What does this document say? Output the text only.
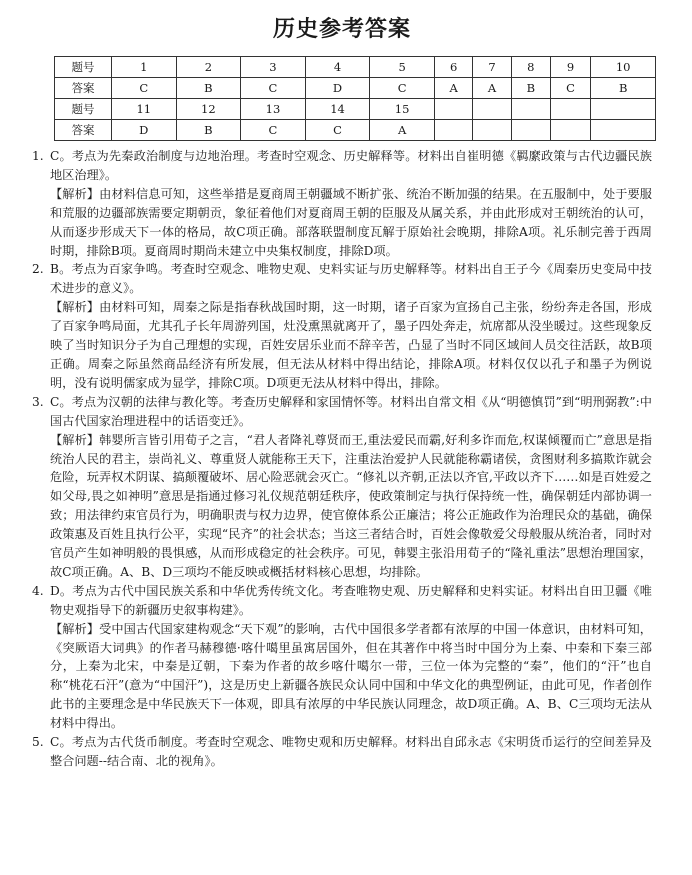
历史参考答案
题号	1	2	3	4	5	6	7	8	9	10
答案	C	B	C	D	C	A	A	B	C	B
题号	11	12	13	14	15					
答案	D	B	C	C	A					
1. C。考点为先秦政治制度与边地治理。考查时空观念、历史解释等。材料出自崔明德《羁縻政策与古代边疆民族地区治理》。

【解析】由材料信息可知，这些举措是夏商周王朝疆域不断扩张、统治不断加强的结果。在五服制中，处于要服和荒服的边疆部族需要定期朝贡，象征着他们对夏商周王朝的臣服及从属关系，并由此形成对王朝统治的认可，从而逐步形成天下一体的格局，故C项正确。部落联盟制度瓦解于原始社会晚期，排除A项。礼乐制完善于西周时期，排除B项。夏商周时期尚未建立中央集权制度，排除D项。

2. B。考点为百家争鸣。考查时空观念、唯物史观、史料实证与历史解释等。材料出自王子今《周秦历史变局中技术进步的意义》。

【解析】由材料可知，周秦之际是指春秋战国时期，这一时期，诸子百家为宣扬自己主张，纷纷奔走各国，形成了百家争鸣局面，尤其孔子长年周游列国，灶没熏黑就离开了，墨子四处奔走，炕席都从没坐暖过。这些现象反映了当时知识分子为自己理想的实现，百姓安居乐业而不辞辛苦，凸显了当时不同区域间人员交往活跃，故B项正确。周秦之际虽然商品经济有所发展，但无法从材料中得出结论，排除A项。材料仅仅以孔子和墨子为例说明，没有说明儒家成为显学，排除C项。D项更无法从材料中得出，排除。

3. C。考点为汉朝的法律与教化等。考查历史解释和家国情怀等。材料出自常文相《从“明德慎罚”到“明刑弼教”:中国古代国家治理进程中的话语变迁》。

【解析】韩婴所言皆引用荀子之言，“君人者降礼尊贤而王,重法爱民而霸,好利多诈而危,权谋倾覆而亡”意思是指统治人民的君主，崇尚礼义、尊重贤人就能称王天下，注重法治爱护人民就能称霸诸侯，贪图财利多搞欺诈就会危险，玩弄权术阴谋、搞颠覆破坏、居心险恶就会灭亡。“修礼以齐朝,正法以齐官,平政以齐下……如是百姓爱之如父母,畏之如神明”意思是指通过修习礼仪规范朝廷秩序，使政策制定与执行保持统一性，确保朝廷内部协调一致；用法律约束官员行为，明确职责与权力边界，使官僚体系公正廉洁；将公正施政作为治理民众的基础，确保政策惠及百姓且执行公平，实现“民齐”的社会状态；当这三者结合时，百姓会像敬爱父母般服从统治者，同时对官员产生如神明般的畏惧感，从而形成稳定的社会秩序。可见，韩婴主张沿用荀子的“隆礼重法”思想治理国家，故C项正确。A、B、D三项均不能反映或概括材料核心思想，均排除。

4. D。考点为古代中国民族关系和中华优秀传统文化。考查唯物史观、历史解释和史料实证。材料出自田卫疆《唯物史观指导下的新疆历史叙事构建》。

【解析】受中国古代国家建构观念“天下观”的影响，古代中国很多学者都有浓厚的中国一体意识，由材料可知，《突厥语大词典》的作者马赫穆德·喀什噶里虽寓居国外，但在其著作中将当时中国分为上秦、中秦和下秦三部分，上秦为北宋，中秦是辽朝，下秦为作者的故乡喀什噶尔一带，三位一体为完整的“秦”，他们的“汗”也自称“桃花石汗”(意为“中国汗”)，这是历史上新疆各族民众认同中国和中华文化的典型例证，由此可见，作者创作此书的主要理念是中华民族天下一体观，即具有浓厚的中华民族认同理念，故D项正确。A、B、C三项均无法从材料中得出。

5. C。考点为古代货币制度。考查时空观念、唯物史观和历史解释。材料出自邱永志《宋明货币运行的空间差异及整合问题--结合南、北的视角》。
